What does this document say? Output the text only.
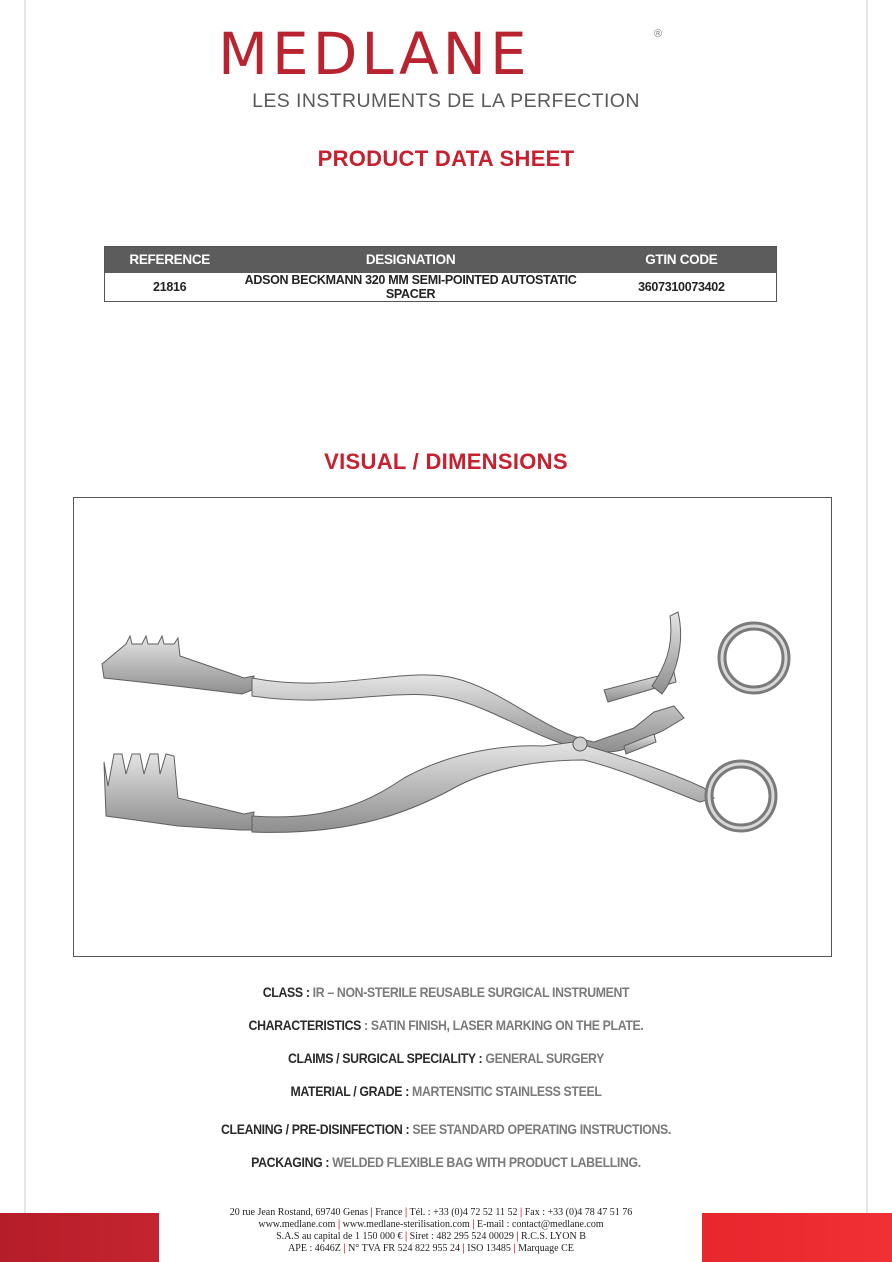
MEDLANE	®
LES INSTRUMENTS DE LA PERFECTION
PRODUCT DATA SHEET
REFERENCE	DESIGNATION	GTIN CODE
21816	ADSON BECKMANN 320 MM SEMI-POINTED AUTOSTATIC SPACER	3607310073402
VISUAL / DIMENSIONS
CLASS : IR – NON-STERILE REUSABLE SURGICAL INSTRUMENT
CHARACTERISTICS : SATIN FINISH, LASER MARKING ON THE PLATE.
CLAIMS / SURGICAL SPECIALITY : GENERAL SURGERY
MATERIAL / GRADE : MARTENSITIC STAINLESS STEEL
CLEANING / PRE-DISINFECTION : SEE STANDARD OPERATING INSTRUCTIONS.
PACKAGING : WELDED FLEXIBLE BAG WITH PRODUCT LABELLING.
20 rue Jean Rostand, 69740 Genas | France | Tél. : +33 (0)4 72 52 11 52 | Fax : +33 (0)4 78 47 51 76
www.medlane.com | www.medlane-sterilisation.com | E-mail : contact@medlane.com
S.A.S au capital de 1 150 000 € | Siret : 482 295 524 00029 | R.C.S. LYON B
APE : 4646Z | N° TVA FR 524 822 955 24 | ISO 13485 | Marquage CE
